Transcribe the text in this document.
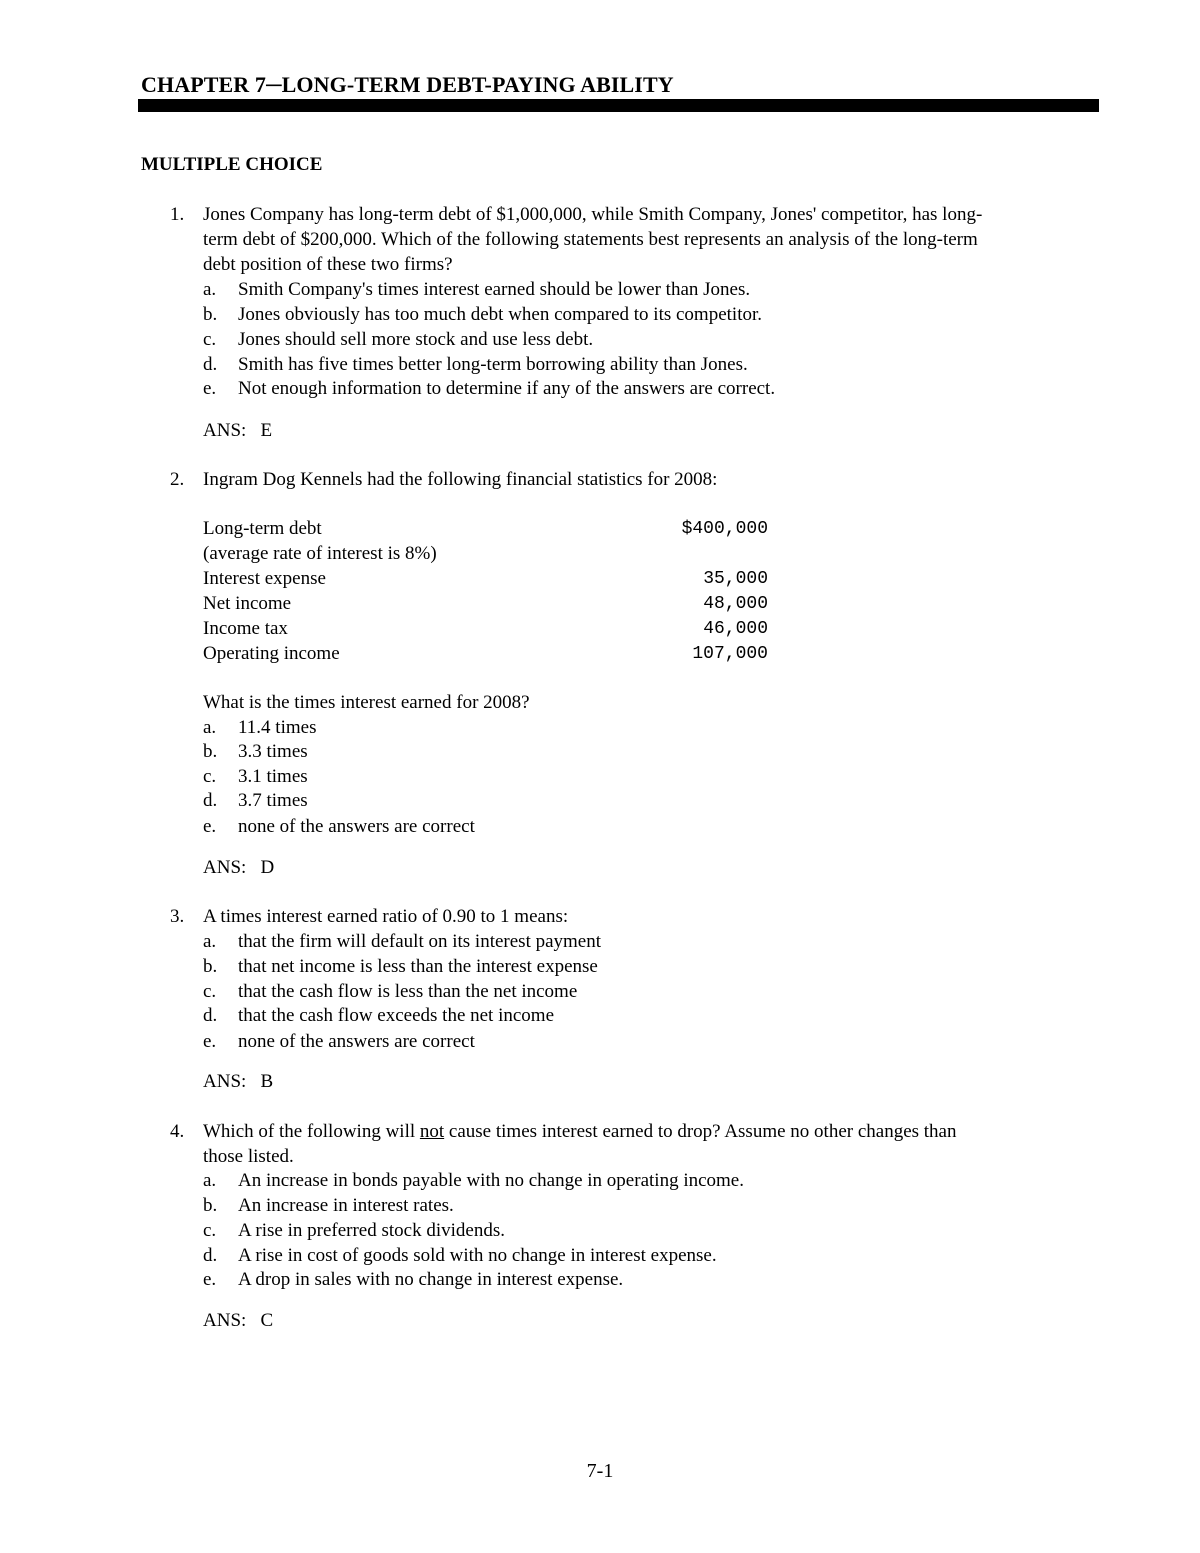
CHAPTER 7─LONG-TERM DEBT-PAYING ABILITY
MULTIPLE CHOICE
1. Jones Company has long-term debt of $1,000,000, while Smith Company, Jones' competitor, has long-
term debt of $200,000. Which of the following statements best represents an analysis of the long-term
debt position of these two firms?
a. Smith Company's times interest earned should be lower than Jones.
b. Jones obviously has too much debt when compared to its competitor.
c. Jones should sell more stock and use less debt.
d. Smith has five times better long-term borrowing ability than Jones.
e. Not enough information to determine if any of the answers are correct.
ANS:   E
2. Ingram Dog Kennels had the following financial statistics for 2008:
Long-term debt	$400,000
(average rate of interest is 8%)
Interest expense	35,000
Net income	48,000
Income tax	46,000
Operating income	107,000
What is the times interest earned for 2008?
a. 11.4 times
b. 3.3 times
c. 3.1 times
d. 3.7 times
e. none of the answers are correct
ANS:   D
3. A times interest earned ratio of 0.90 to 1 means:
a. that the firm will default on its interest payment
b. that net income is less than the interest expense
c. that the cash flow is less than the net income
d. that the cash flow exceeds the net income
e. none of the answers are correct
ANS:   B
4. Which of the following will not cause times interest earned to drop? Assume no other changes than
those listed.
a. An increase in bonds payable with no change in operating income.
b. An increase in interest rates.
c. A rise in preferred stock dividends.
d. A rise in cost of goods sold with no change in interest expense.
e. A drop in sales with no change in interest expense.
ANS:   C
7-1
